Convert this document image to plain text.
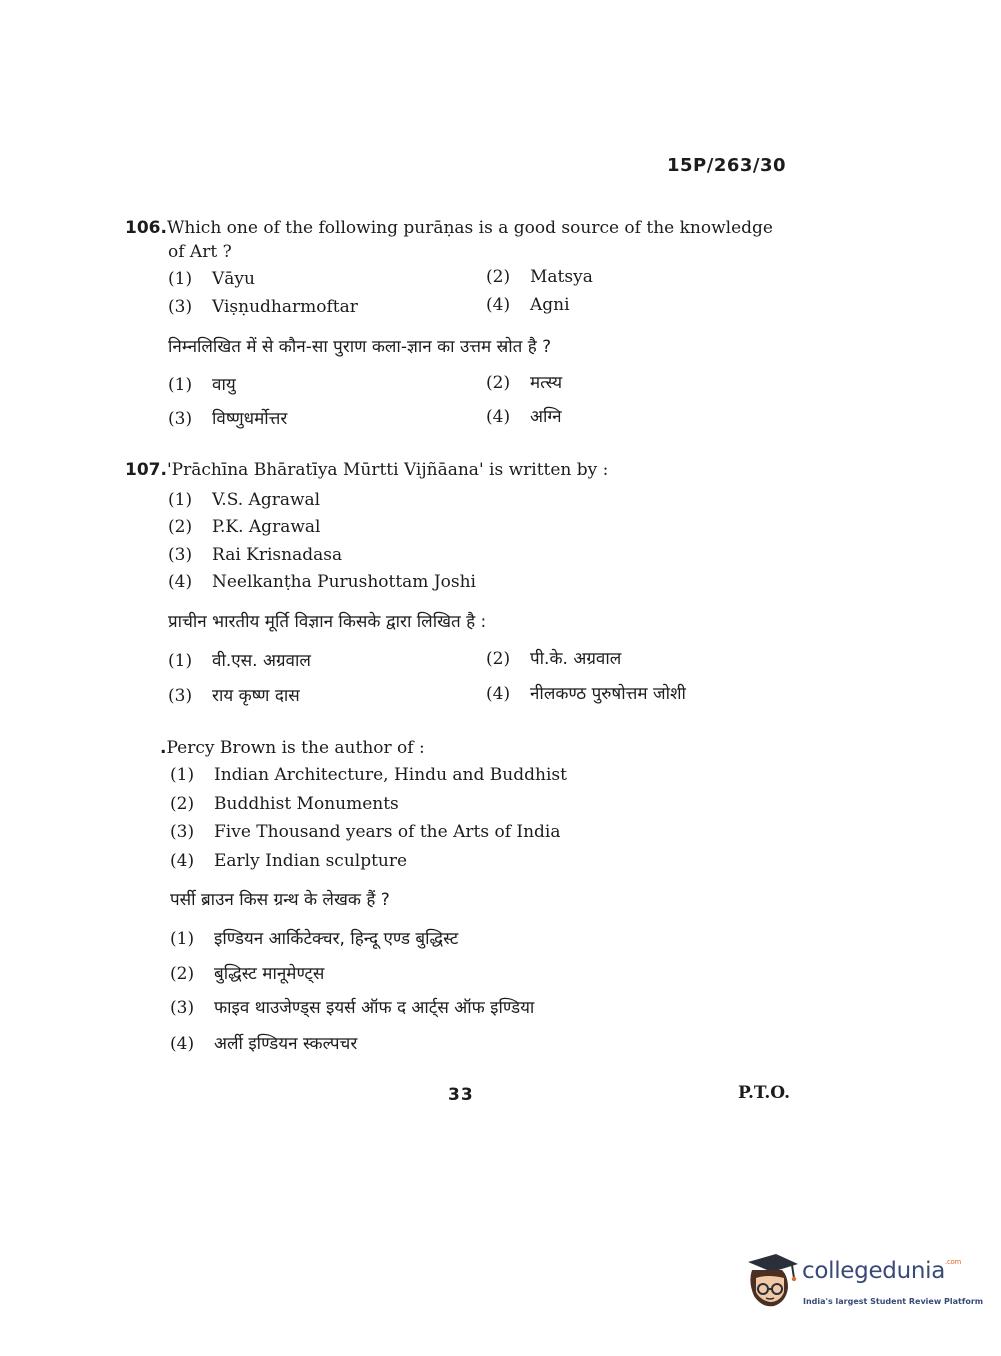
15P/263/30
106.Which one of the following purāṇas is a good source of the knowledge
of Art ?
(1) Vāyu	(2) Matsya
(3) Viṣṇudharmoftar	(4) Agni
निम्नलिखित में से कौन-सा पुराण कला-ज्ञान का उत्तम स्रोत है ?
(1) वायु	(2) मत्स्य
(3) विष्णुधर्मोत्तर	(4) अग्नि
107.'Prāchīna Bhāratīya Mūrtti Vijñāana' is written by :
(1) V.S. Agrawal
(2) P.K. Agrawal
(3) Rai Krisnadasa
(4) Neelkanṭha Purushottam Joshi
प्राचीन भारतीय मूर्ति विज्ञान किसके द्वारा लिखित है :
(1) वी.एस. अग्रवाल	(2) पी.के. अग्रवाल
(3) राय कृष्ण दास	(4) नीलकण्ठ पुरुषोत्तम जोशी
.Percy Brown is the author of :
(1) Indian Architecture, Hindu and Buddhist
(2) Buddhist Monuments
(3) Five Thousand years of the Arts of India
(4) Early Indian sculpture
पर्सी ब्राउन किस ग्रन्थ के लेखक हैं ?
(1) इण्डियन आर्किटेक्चर, हिन्दू एण्ड बुद्धिस्ट
(2) बुद्धिस्ट मानूमेण्ट्स
(3) फाइव थाउजेण्ड्स इयर्स ऑफ द आर्ट्स ऑफ इण्डिया
(4) अर्ली इण्डियन स्कल्पचर
33	P.T.O.
collegedunia$^{.com}$
India's largest Student Review Platform
